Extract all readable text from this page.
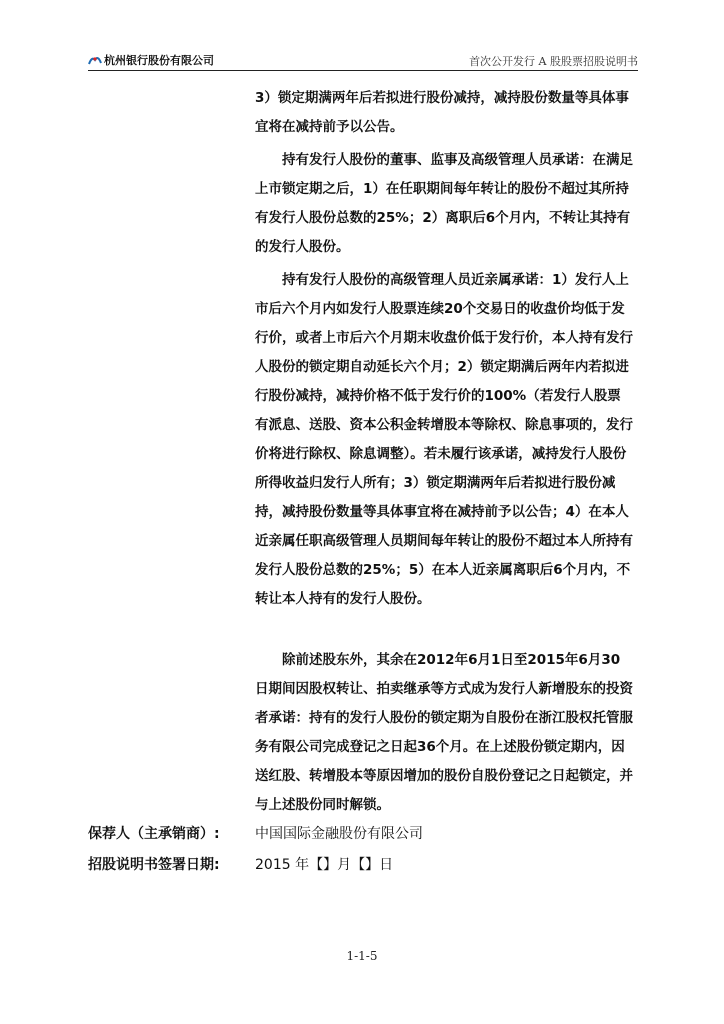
杭州银行股份有限公司	首次公开发行 A 股股票招股说明书

3）锁定期满两年后若拟进行股份减持，减持股份数量等具体事宜将在减持前予以公告。

持有发行人股份的董事、监事及高级管理人员承诺：在满足上市锁定期之后，1）在任职期间每年转让的股份不超过其所持有发行人股份总数的25%；2）离职后6个月内，不转让其持有的发行人股份。

持有发行人股份的高级管理人员近亲属承诺：1）发行人上市后六个月内如发行人股票连续20个交易日的收盘价均低于发行价，或者上市后六个月期末收盘价低于发行价，本人持有发行人股份的锁定期自动延长六个月；2）锁定期满后两年内若拟进行股份减持，减持价格不低于发行价的100%（若发行人股票有派息、送股、资本公积金转增股本等除权、除息事项的，发行价将进行除权、除息调整）。若未履行该承诺，减持发行人股份所得收益归发行人所有；3）锁定期满两年后若拟进行股份减持，减持股份数量等具体事宜将在减持前予以公告；4）在本人近亲属任职高级管理人员期间每年转让的股份不超过本人所持有发行人股份总数的25%；5）在本人近亲属离职后6个月内，不转让本人持有的发行人股份。

除前述股东外，其余在2012年6月1日至2015年6月30日期间因股权转让、拍卖继承等方式成为发行人新增股东的投资者承诺：持有的发行人股份的锁定期为自股份在浙江股权托管服务有限公司完成登记之日起36个月。在上述股份锁定期内，因送红股、转增股本等原因增加的股份自股份登记之日起锁定，并与上述股份同时解锁。

保荐人（主承销商）:	中国国际金融股份有限公司
招股说明书签署日期:	2015 年【】月【】日
1-1-5
